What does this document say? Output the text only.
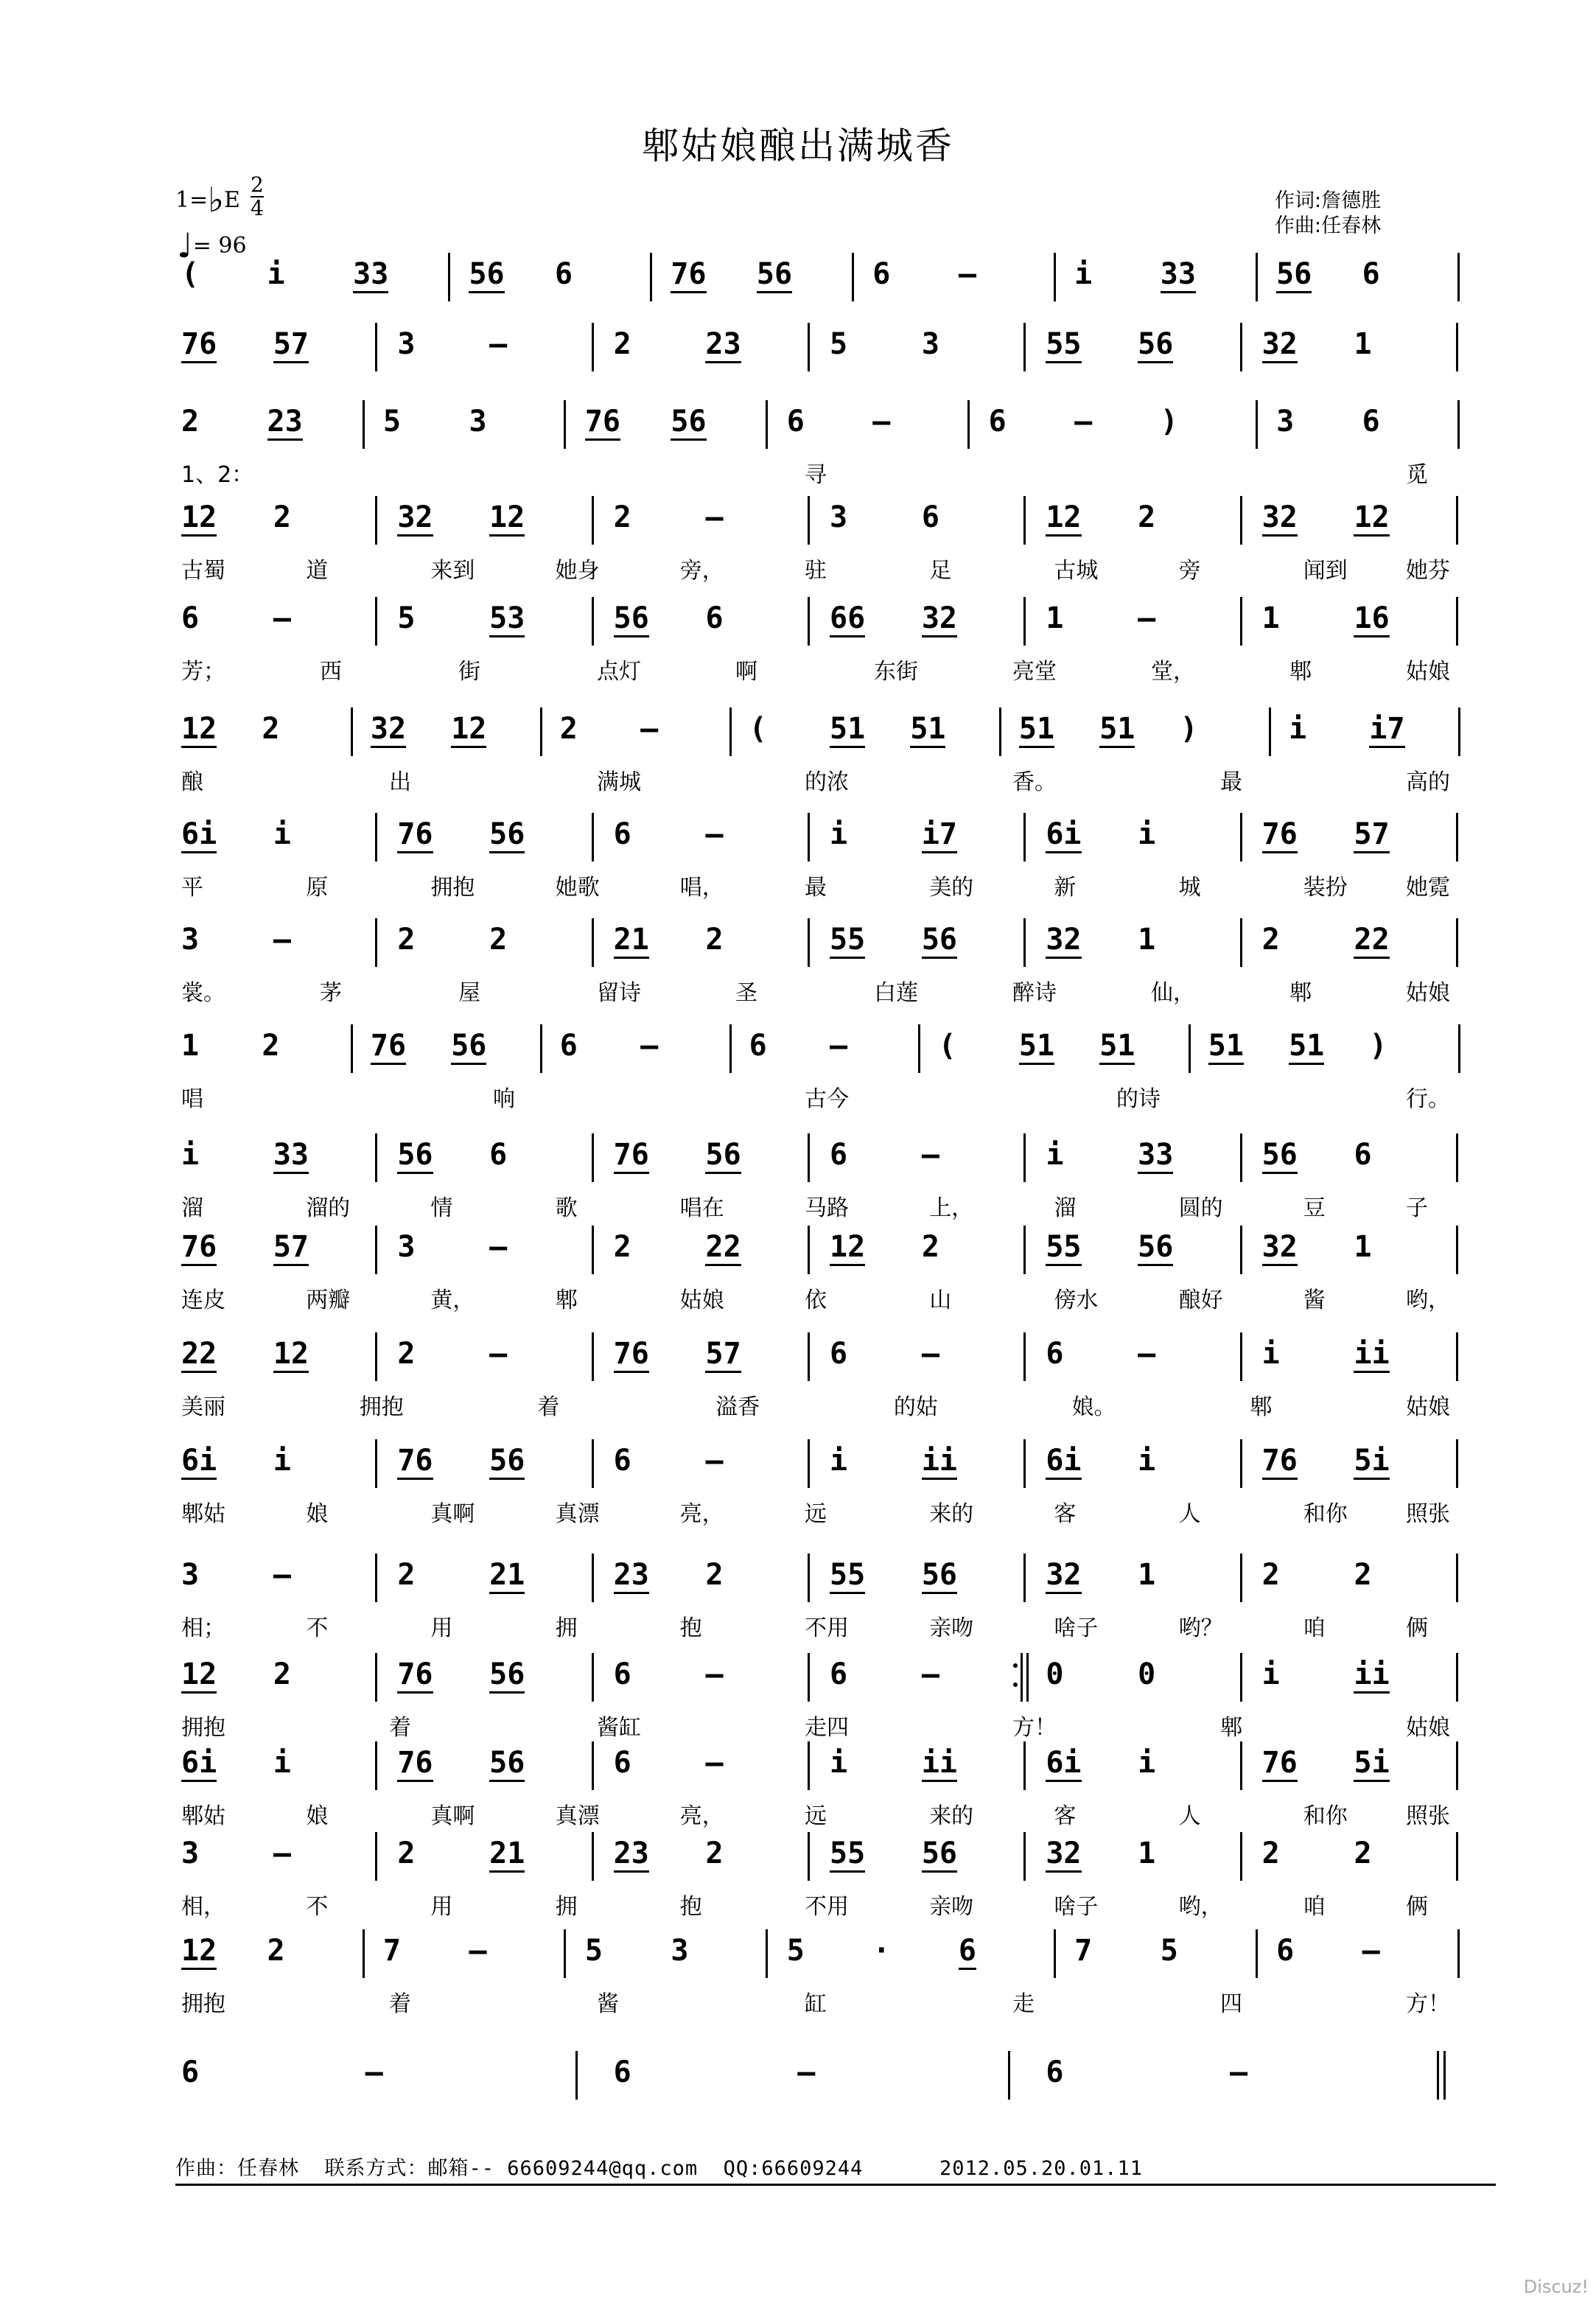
郫姑娘酿出满城香
1=♭E $\frac{2}{4}$
♩= 96
作词:詹德胜
作曲:任春林
( i 33	56 6	76 56	6 —	i 33	56 6
76 57	3	—	2	23	5	3	55 56	32 1
2 23	5 3	76 56	6 —	6 — )	3 6
1、2：	寻	觅
12 2	32 12	2	—	3	6	12 2	32 12
古蜀	道	来到	她身	旁，	驻	足	古城	旁	闻到	她芬
6	—	5	53	56 6	66 32	1	—	1	16
芳；	西	街	点灯	啊	东街	亮堂	堂，	郫	姑娘
12 2	32 12 2 —	( 51 51 51 51 )	i i7
酿	出	满城	的浓	香。	最	高的
6i i	76 56	6	—	i	i7	6i i	76 57
平	原	拥抱	她歌	唱，	最	美的	新	城	装扮	她霓
3	—	2	2	21 2	55 56	32 1	2	22
裳。	茅	屋	留诗	圣	白莲	醉诗	仙，	郫	姑娘
1 2	76 56 6 —	6 —	( 51 51 51 51 )
唱	响	古今	的诗	行。
i	33	56 6	76 56	6	—	i	33	56 6
溜	溜的	情	歌	唱在	马路	上，	溜	圆的	豆	子
76 57	3	—	2	22	12 2	55 56	32 1
连皮	两瓣	黄，	郫	姑娘	依	山	傍水	酿好	酱	哟，
22 12	2	—	76 57	6	—	6	—	i	ii
美丽	拥抱	着	溢香	的姑	娘。	郫	姑娘
6i i	76 56	6	—	i	ii	6i i	76 5i
郫姑	娘	真啊	真漂	亮，	远	来的	客	人	和你	照张
3	—	2	21	23 2	55 56	32 1	2	2
相；	不	用	拥	抱	不用	亲吻	啥子	哟？	咱	俩
12 2	76 56	6	—	6	—	0	0	i	ii
拥抱	着	酱缸	走四	方！	郫	姑娘
6i i	76 56	6	—	i	ii	6i i	76 5i
郫姑	娘	真啊	真漂	亮，	远	来的	客	人	和你	照张
3	—	2	21	23 2	55 56	32 1	2	2
相，	不	用	拥	抱	不用	亲吻	啥子	哟，	咱	俩
12 2	7 —	5 3	5 · 6	7 5	6 —
拥抱	着	酱	缸	走	四	方！
6	—	6	—	6	—
作曲：任春林  联系方式：邮箱-- 66609244@qq.com  QQ:66609244      2012.05.20.01.11
Discuz!
